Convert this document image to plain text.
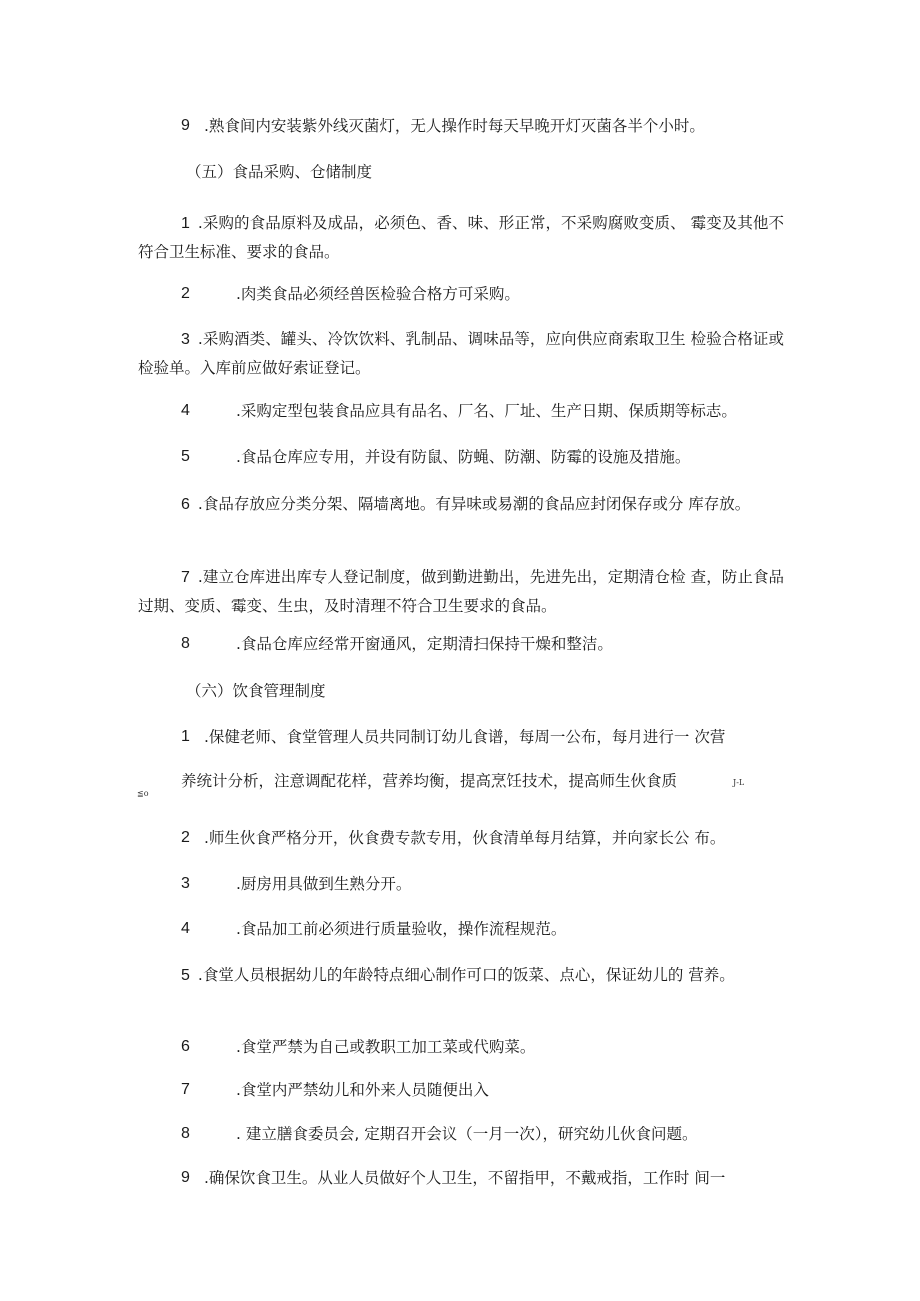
9 .熟食间内安装紫外线灭菌灯，无人操作时每天早晚开灯灭菌各半个小时。
（五）食品采购、仓储制度
1 .采购的食品原料及成品，必须色、香、味、形正常，不采购腐败变质、 霉变及其他不符合卫生标准、要求的食品。
2	.肉类食品必须经兽医检验合格方可采购。
3 .采购酒类、罐头、冷饮饮料、乳制品、调味品等，应向供应商索取卫生 检验合格证或检验单。入库前应做好索证登记。
4	.采购定型包装食品应具有品名、厂名、厂址、生产日期、保质期等标志。
5	.食品仓库应专用，并设有防鼠、防蝇、防潮、防霉的设施及措施。
6 .食品存放应分类分架、隔墙离地。有异味或易潮的食品应封闭保存或分 库存放。
7 .建立仓库进出库专人登记制度，做到勤进勤出，先进先出，定期清仓检 查，防止食品过期、变质、霉变、生虫，及时清理不符合卫生要求的食品。
8	.食品仓库应经常开窗通风，定期清扫保持干燥和整洁。
（六）饮食管理制度
1 .保健老师、食堂管理人员共同制订幼儿食谱，每周一公布，每月进行一 次营
养统计分析，注意调配花样，营养均衡，提高烹饪技术，提高师生伙食质	J-L
≦o
2 .师生伙食严格分开，伙食费专款专用，伙食清单每月结算，并向家长公 布。
3	.厨房用具做到生熟分开。
4	.食品加工前必须进行质量验收，操作流程规范。
5 .食堂人员根据幼儿的年龄特点细心制作可口的饭菜、点心，保证幼儿的 营养。
6	.食堂严禁为自己或教职工加工菜或代购菜。
7	.食堂内严禁幼儿和外来人员随便出入
8	. 建立膳食委员会, 定期召开会议（一月一次），研究幼儿伙食问题。
9 .确保饮食卫生。从业人员做好个人卫生，不留指甲，不戴戒指，工作时 间一
